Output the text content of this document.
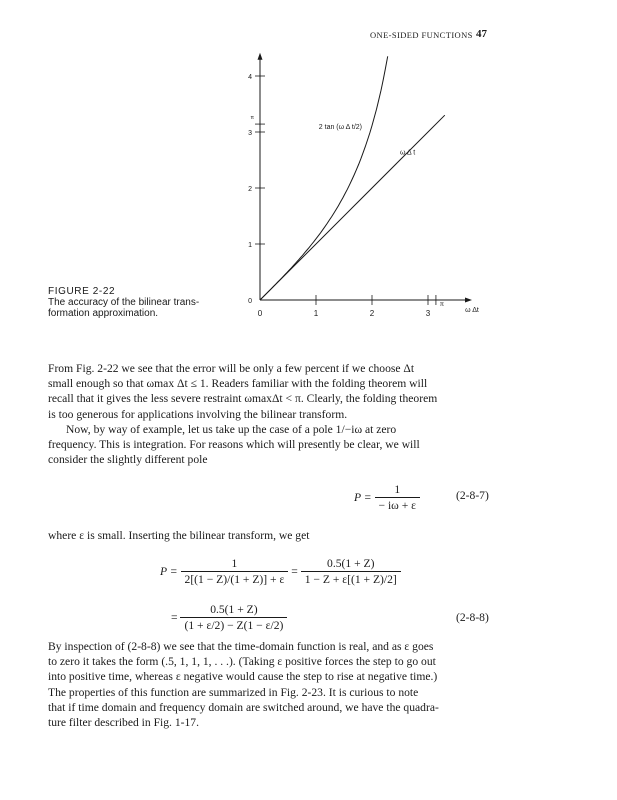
ONE-SIDED FUNCTIONS 47
0	1	2	3
π
0
1
2
3
4
π
ω Δt
2 tan (ω Δ t/2)
ω Δ t
FIGURE 2-22
The accuracy of the bilinear trans-
formation approximation.
From Fig. 2-22 we see that the error will be only a few percent if we choose Δt
small enough so that ωmax Δt ≤ 1. Readers familiar with the folding theorem will
recall that it gives the less severe restraint ωmaxΔt < π. Clearly, the folding theorem
is too generous for applications involving the bilinear transform.
Now, by way of example, let us take up the case of a pole 1/−iω at zero
frequency. This is integration. For reasons which will presently be clear, we will
consider the slightly different pole
$P = \frac{1}{- i\omega + \varepsilon}$	(2-8-7)
where ε is small. Inserting the bilinear transform, we get
$P = \frac{1}{2[(1 - Z)/(1 + Z)] + \varepsilon} = \frac{0.5(1 + Z)}{1 - Z + \varepsilon[(1 + Z)/2]}$
= $\frac{0.5(1 + Z)}{(1 + \varepsilon/2) - Z(1 - \varepsilon/2)}$	(2-8-8)
By inspection of (2-8-8) we see that the time-domain function is real, and as ε goes
to zero it takes the form (.5, 1, 1, 1, . . .). (Taking ε positive forces the step to go out
into positive time, whereas ε negative would cause the step to rise at negative time.)
The properties of this function are summarized in Fig. 2-23. It is curious to note
that if time domain and frequency domain are switched around, we have the quadra-
ture filter described in Fig. 1-17.
